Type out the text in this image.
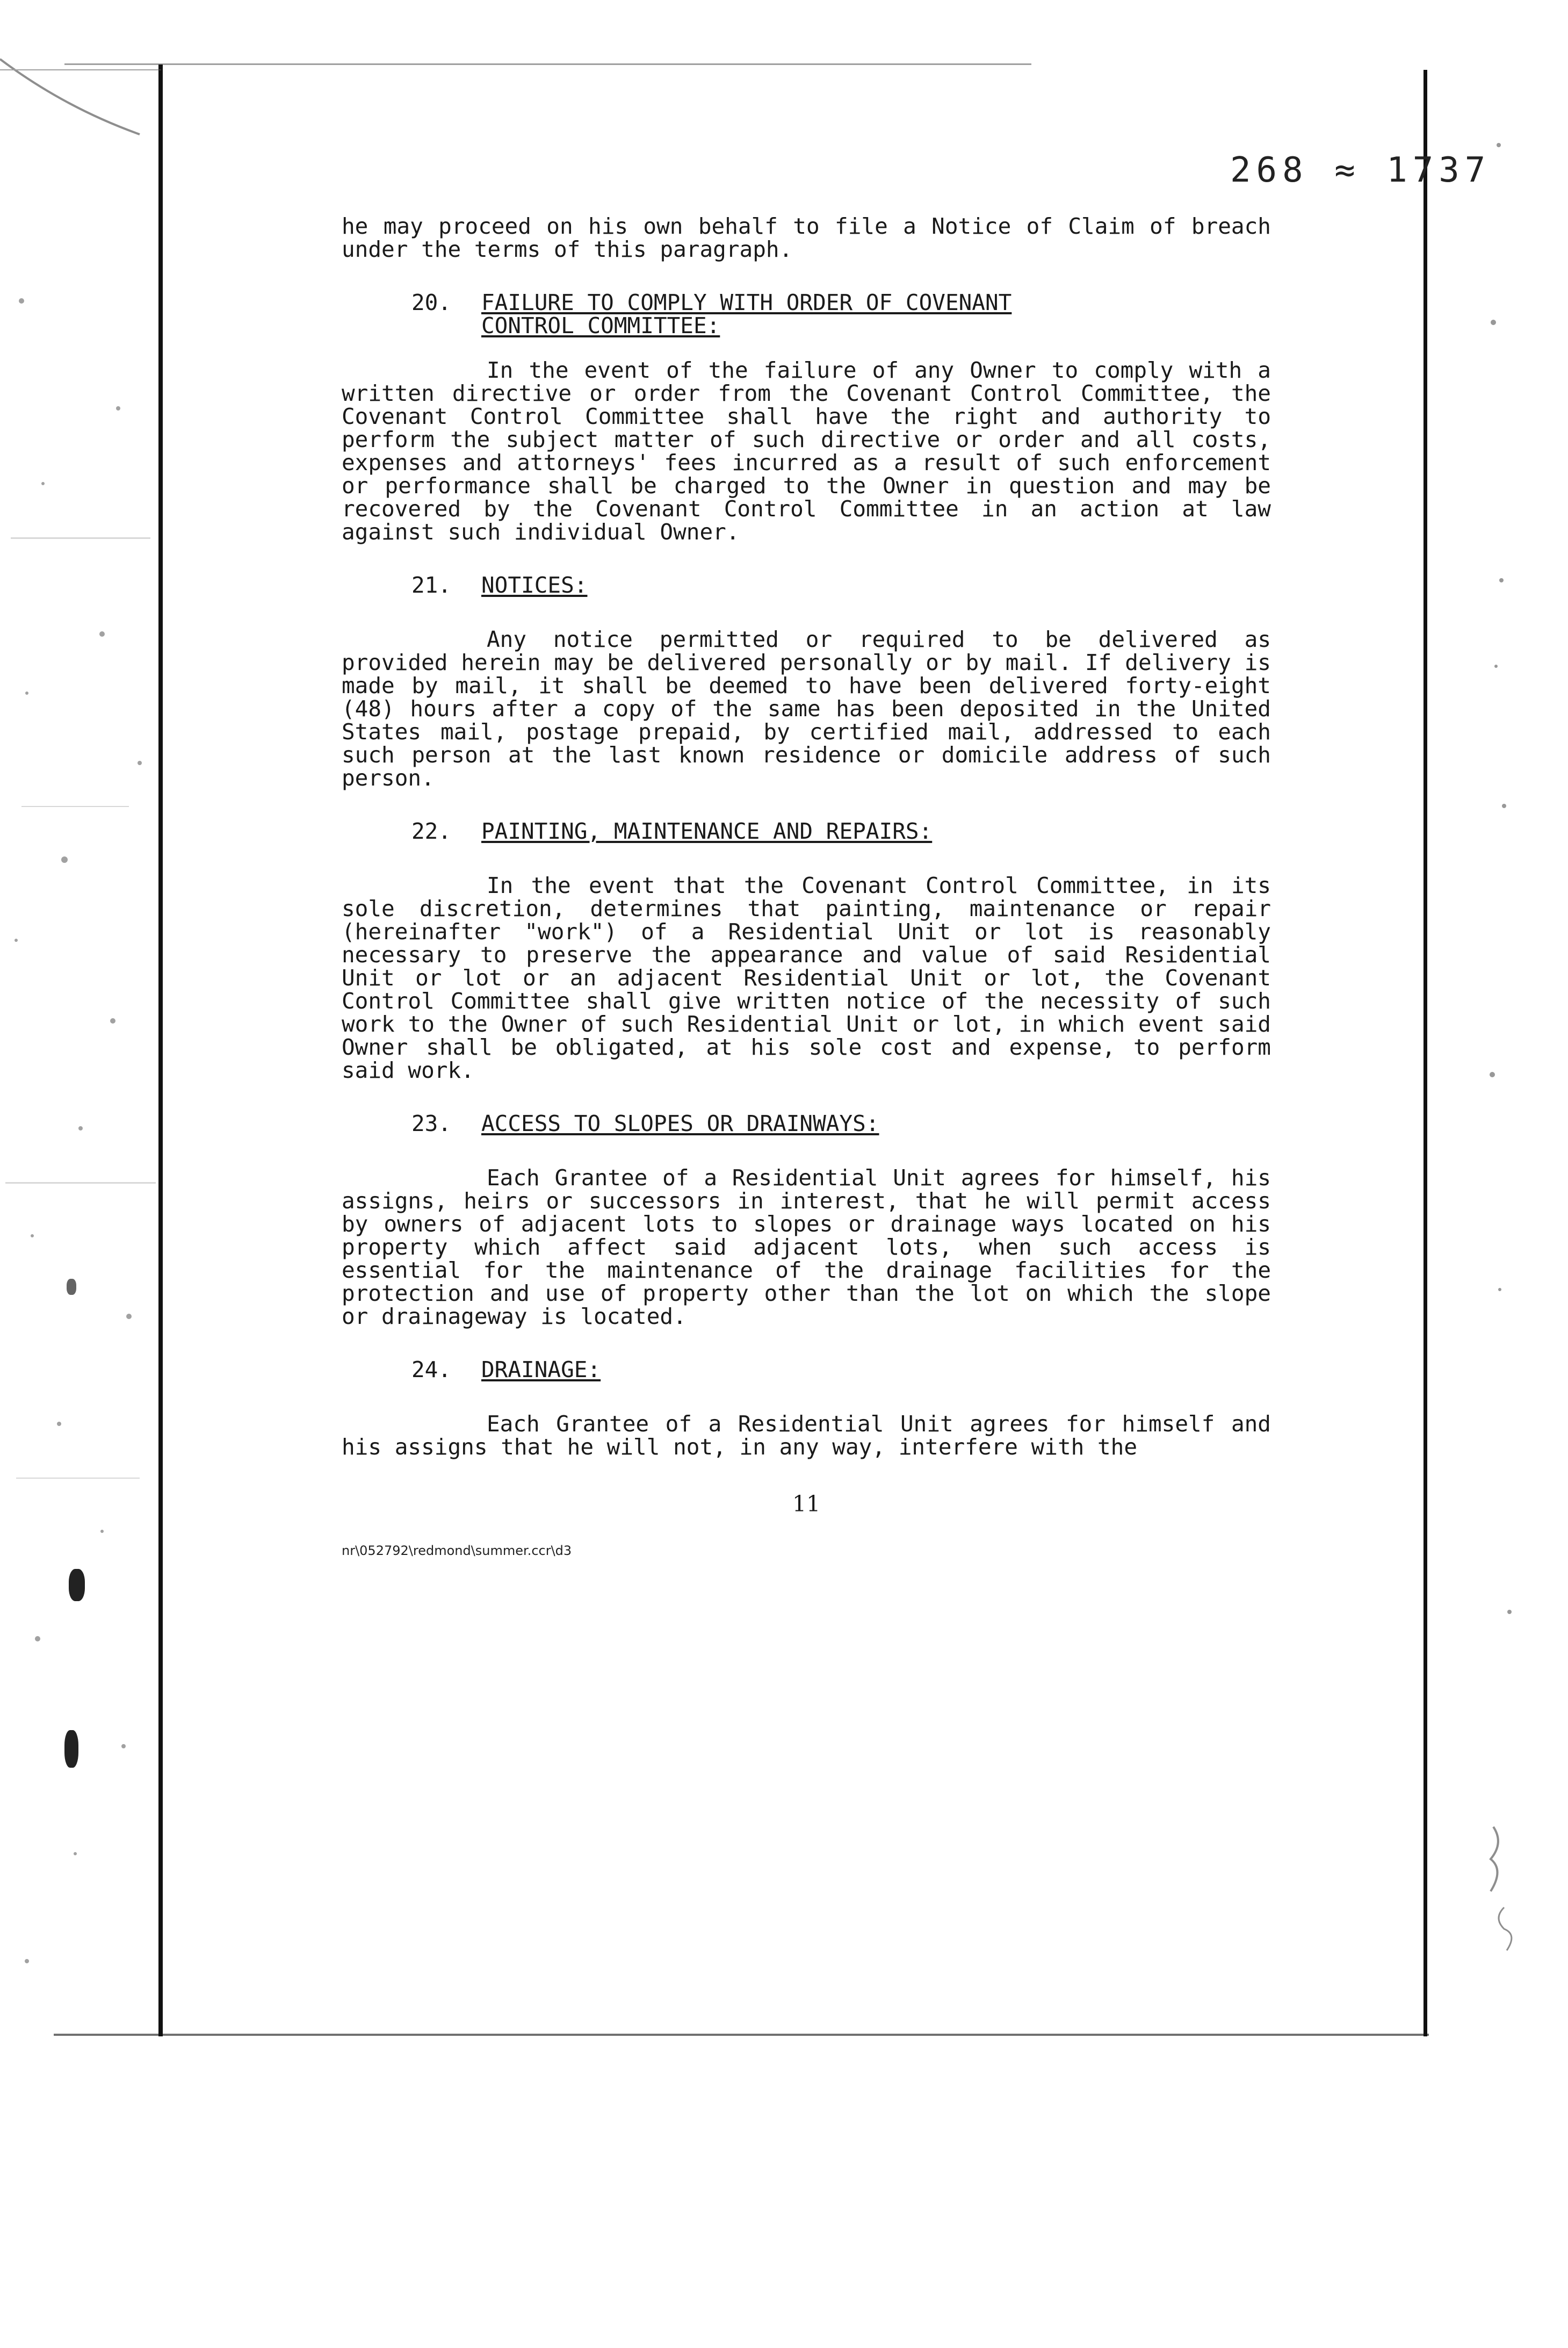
268 ≈ 1737

he may proceed on his own behalf to file a Notice of Claim of breach under the terms of this paragraph.

20.	FAILURE TO COMPLY WITH ORDER OF COVENANT
CONTROL COMMITTEE:

In the event of the failure of any Owner to comply with a written directive or order from the Covenant Control Committee, the Covenant Control Committee shall have the right and authority to perform the subject matter of such directive or order and all costs, expenses and attorneys' fees incurred as a result of such enforcement or performance shall be charged to the Owner in question and may be recovered by the Covenant Control Committee in an action at law against such individual Owner.

21.	NOTICES:

Any notice permitted or required to be delivered as provided herein may be delivered personally or by mail. If delivery is made by mail, it shall be deemed to have been delivered forty-eight (48) hours after a copy of the same has been deposited in the United States mail, postage prepaid, by certified mail, addressed to each such person at the last known residence or domicile address of such person.

22.	PAINTING, MAINTENANCE AND REPAIRS:

In the event that the Covenant Control Committee, in its sole discretion, determines that painting, maintenance or repair (hereinafter "work") of a Residential Unit or lot is reasonably necessary to preserve the appearance and value of said Residential Unit or lot or an adjacent Residential Unit or lot, the Covenant Control Committee shall give written notice of the necessity of such work to the Owner of such Residential Unit or lot, in which event said Owner shall be obligated, at his sole cost and expense, to perform said work.

23.	ACCESS TO SLOPES OR DRAINWAYS:

Each Grantee of a Residential Unit agrees for himself, his assigns, heirs or successors in interest, that he will permit access by owners of adjacent lots to slopes or drainage ways located on his property which affect said adjacent lots, when such access is essential for the maintenance of the drainage facilities for the protection and use of property other than the lot on which the slope or drainageway is located.

24.	DRAINAGE:

Each Grantee of a Residential Unit agrees for himself and his assigns that he will not, in any way, interfere with the

11
nr\052792\redmond\summer.ccr\d3
